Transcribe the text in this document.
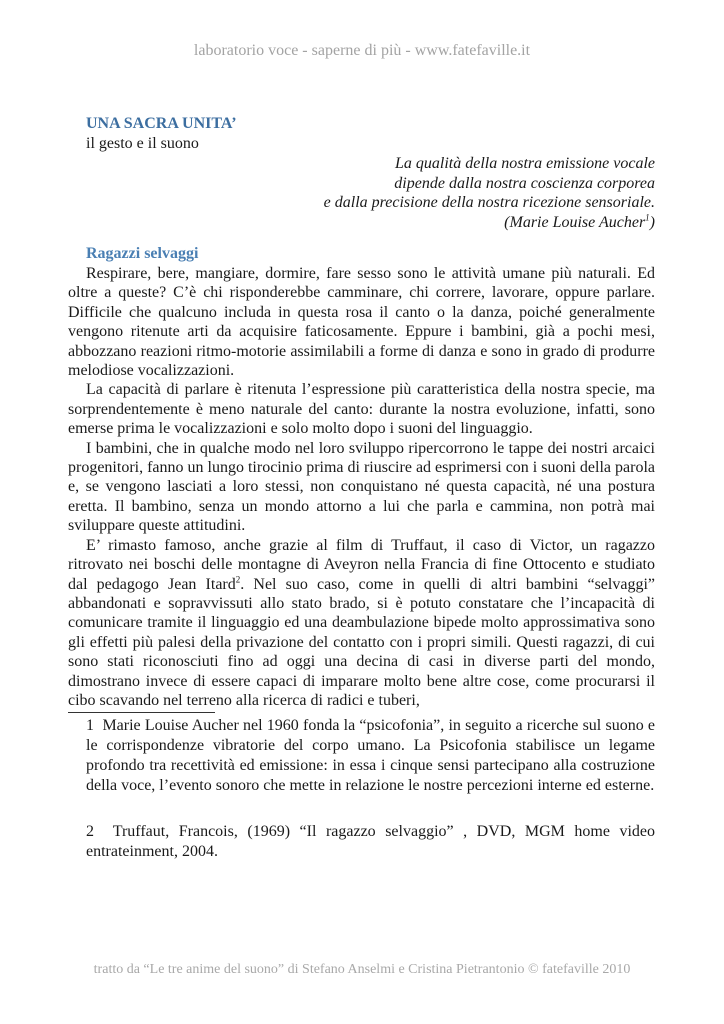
laboratorio voce - saperne di più - www.fatefaville.it
UNA SACRA UNITA’
il gesto e il suono
La qualità della nostra emissione vocale
dipende dalla nostra coscienza corporea
e dalla precisione della nostra ricezione sensoriale.
(Marie Louise Aucher$^1$)
Ragazzi selvaggi

Respirare, bere, mangiare, dormire, fare sesso sono le attività umane più naturali. Ed oltre a queste? C’è chi risponderebbe camminare, chi correre, lavorare, oppure parlare. Difficile che qualcuno includa in questa rosa il canto o la danza, poiché generalmente vengono ritenute arti da acquisire faticosamente. Eppure i bambini, già a pochi mesi, abbozzano reazioni ritmo-motorie assimilabili a forme di danza e sono in grado di produrre melodiose vocalizzazioni.

La capacità di parlare è ritenuta l’espressione più caratteristica della nostra specie, ma sorprendentemente è meno naturale del canto: durante la nostra evoluzione, infatti, sono emerse prima le vocalizzazioni e solo molto dopo i suoni del linguaggio.

I bambini, che in qualche modo nel loro sviluppo ripercorrono le tappe dei nostri arcaici progenitori, fanno un lungo tirocinio prima di riuscire ad esprimersi con i suoni della parola e, se vengono lasciati a loro stessi, non conquistano né questa capacità, né una postura eretta. Il bambino, senza un mondo attorno a lui che parla e cammina, non potrà mai sviluppare queste attitudini.

E’ rimasto famoso, anche grazie al film di Truffaut, il caso di Victor, un ragazzo ritrovato nei boschi delle montagne di Aveyron nella Francia di fine Ottocento e studiato dal pedagogo Jean Itard$^2$. Nel suo caso, come in quelli di altri bambini “selvaggi” abbandonati e sopravvissuti allo stato brado, si è potuto constatare che l’incapacità di comunicare tramite il linguaggio ed una deambulazione bipede molto approssimativa sono gli effetti più palesi della privazione del contatto con i propri simili. Questi ragazzi, di cui sono stati riconosciuti fino ad oggi una decina di casi in diverse parti del mondo, dimostrano invece di essere capaci di imparare molto bene altre cose, come procurarsi il cibo scavando nel terreno alla ricerca di radici e tuberi,

1 Marie Louise Aucher nel 1960 fonda la “psicofonia”, in seguito a ricerche sul suono e le corrispondenze vibratorie del corpo umano. La Psicofonia stabilisce un legame profondo tra recettività ed emissione: in essa i cinque sensi partecipano alla costruzione della voce, l’evento sonoro che mette in relazione le nostre percezioni interne ed esterne.
2 Truffaut, Francois, (1969) “Il ragazzo selvaggio” , DVD, MGM home video entrateinment, 2004.
tratto da “Le tre anime del suono” di Stefano Anselmi e Cristina Pietrantonio © fatefaville 2010
